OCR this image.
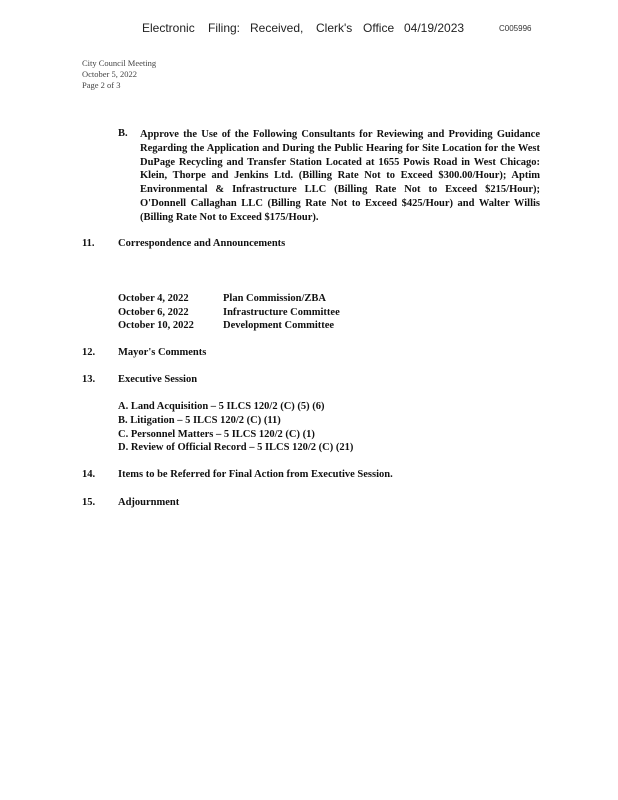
Electronic Filing: Received, Clerk's Office 04/19/2023	C005996
City Council Meeting
October 5, 2022
Page 2 of 3
B. Approve the Use of the Following Consultants for Reviewing and Providing Guidance Regarding the Application and During the Public Hearing for Site Location for the West DuPage Recycling and Transfer Station Located at 1655 Powis Road in West Chicago: Klein, Thorpe and Jenkins Ltd. (Billing Rate Not to Exceed $300.00/Hour); Aptim Environmental & Infrastructure LLC (Billing Rate Not to Exceed $215/Hour); O'Donnell Callaghan LLC (Billing Rate Not to Exceed $425/Hour) and Walter Willis (Billing Rate Not to Exceed $175/Hour).
11. Correspondence and Announcements
October 4, 2022	Plan Commission/ZBA
October 6, 2022	Infrastructure Committee
October 10, 2022	Development Committee
12. Mayor's Comments
13. Executive Session
A. Land Acquisition – 5 ILCS 120/2 (C) (5) (6)
B. Litigation – 5 ILCS 120/2 (C) (11)
C. Personnel Matters – 5 ILCS 120/2 (C) (1)
D. Review of Official Record – 5 ILCS 120/2 (C) (21)
14. Items to be Referred for Final Action from Executive Session.
15. Adjournment
